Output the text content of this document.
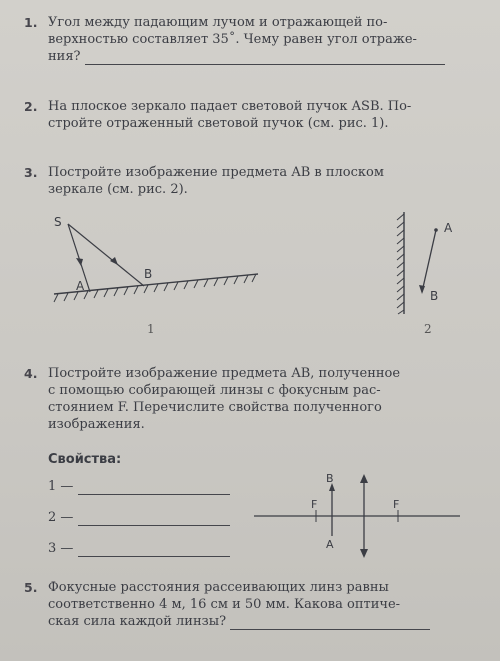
1. Угол между падающим лучом и отражающей по-
верхностью составляет 35˚. Чему равен угол отраже-
ния?
2. На плоское зеркало падает световой пучок ASB. По-
стройте отраженный световой пучок (см. рис. 1).
3. Постройте изображение предмета AB в плоском
зеркале (см. рис. 2).
S
A
B
1
A
B
2
4. Постройте изображение предмета AB, полученное
с помощью собирающей линзы с фокусным рас-
стоянием F. Перечислите свойства полученного
изображения.
Свойства:
1 —
2 —
3 —
B
A
F	F
5. Фокусные расстояния рассеивающих линз равны
соответственно 4 м, 16 см и 50 мм. Какова оптиче-
ская сила каждой линзы?
